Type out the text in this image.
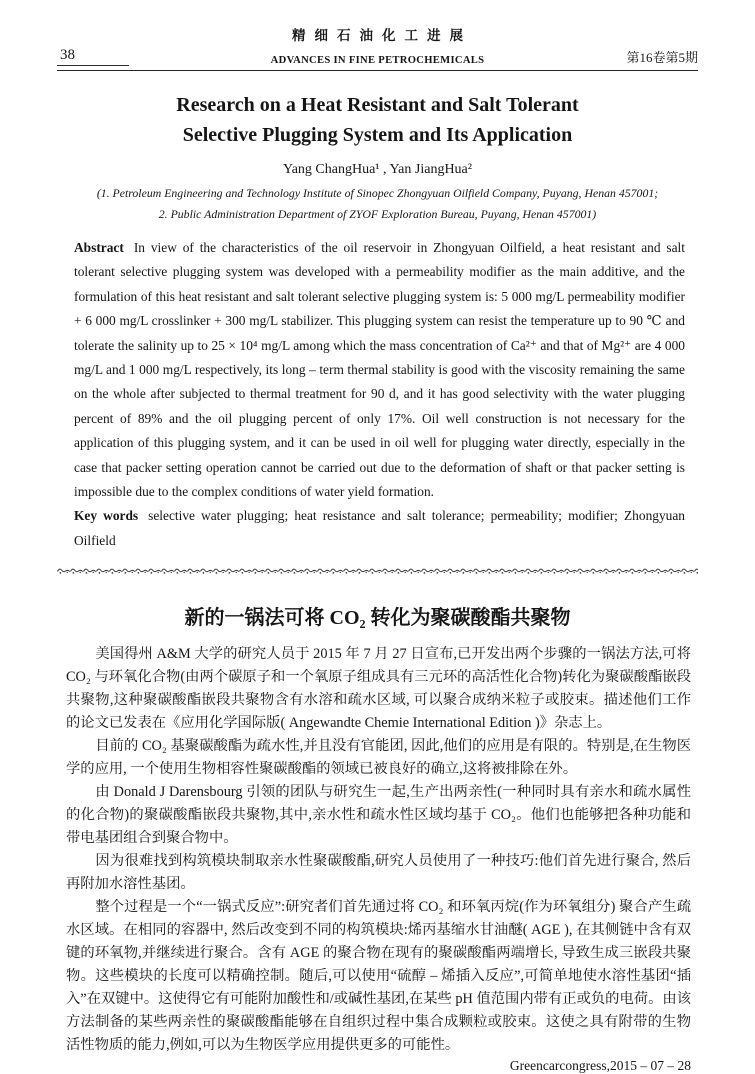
精细石油化工进展
38	ADVANCES IN FINE PETROCHEMICALS	第16卷第5期
Research on a Heat Resistant and Salt Tolerant
Selective Plugging System and Its Application
Yang ChangHua¹ , Yan JiangHua²
(1. Petroleum Engineering and Technology Institute of Sinopec Zhongyuan Oilfield Company, Puyang, Henan 457001;
2. Public Administration Department of ZYOF Exploration Bureau, Puyang, Henan 457001)

Abstract In view of the characteristics of the oil reservoir in Zhongyuan Oilfield, a heat resistant and salt tolerant selective plugging system was developed with a permeability modifier as the main additive, and the formulation of this heat resistant and salt tolerant selective plugging system is: 5 000 mg/L permeability modifier + 6 000 mg/L crosslinker + 300 mg/L stabilizer. This plugging system can resist the temperature up to 90 ℃ and tolerate the salinity up to 25 × 10⁴ mg/L among which the mass concentration of Ca²⁺ and that of Mg²⁺ are 4 000 mg/L and 1 000 mg/L respectively, its long – term thermal stability is good with the viscosity remaining the same on the whole after subjected to thermal treatment for 90 d, and it has good selectivity with the water plugging percent of 89% and the oil plugging percent of only 17%. Oil well construction is not necessary for the application of this plugging system, and it can be used in oil well for plugging water directly, especially in the case that packer setting operation cannot be carried out due to the deformation of shaft or that packer setting is impossible due to the complex conditions of water yield formation.

Key words selective water plugging; heat resistance and salt tolerance; permeability; modifier; Zhongyuan Oilfield

新的一锅法可将 CO₂ 转化为聚碳酸酯共聚物

美国得州 A&M 大学的研究人员于 2015 年 7 月 27 日宣布,已开发出两个步骤的一锅法方法,可将 CO₂ 与环氧化合物(由两个碳原子和一个氧原子组成具有三元环的高活性化合物)转化为聚碳酸酯嵌段共聚物,这种聚碳酸酯嵌段共聚物含有水溶和疏水区域, 可以聚合成纳米粒子或胶束。描述他们工作的论文已发表在《应用化学国际版( Angewandte Chemie International Edition )》杂志上。

目前的 CO₂ 基聚碳酸酯为疏水性,并且没有官能团, 因此,他们的应用是有限的。特别是,在生物医学的应用, 一个使用生物相容性聚碳酸酯的领域已被良好的确立,这将被排除在外。

由 Donald J Darensbourg 引领的团队与研究生一起,生产出两亲性(一种同时具有亲水和疏水属性的化合物)的聚碳酸酯嵌段共聚物,其中,亲水性和疏水性区域均基于 CO₂。他们也能够把各种功能和带电基团组合到聚合物中。

因为很难找到构筑模块制取亲水性聚碳酸酯,研究人员使用了一种技巧:他们首先进行聚合, 然后再附加水溶性基团。

整个过程是一个“一锅式反应”:研究者们首先通过将 CO₂ 和环氧丙烷(作为环氧组分) 聚合产生疏水区域。在相同的容器中, 然后改变到不同的构筑模块:烯丙基缩水甘油醚( AGE ), 在其侧链中含有双键的环氧物,并继续进行聚合。含有 AGE 的聚合物在现有的聚碳酸酯两端增长, 导致生成三嵌段共聚物。这些模块的长度可以精确控制。随后,可以使用“硫醇 – 烯插入反应”,可简单地使水溶性基团“插入”在双键中。这使得它有可能附加酸性和/或碱性基团,在某些 pH 值范围内带有正或负的电荷。由该方法制备的某些两亲性的聚碳酸酯能够在自组织过程中集合成颗粒或胶束。这使之具有附带的生物活性物质的能力,例如,可以为生物医学应用提供更多的可能性。

Greencarcongress,2015 – 07 – 28
